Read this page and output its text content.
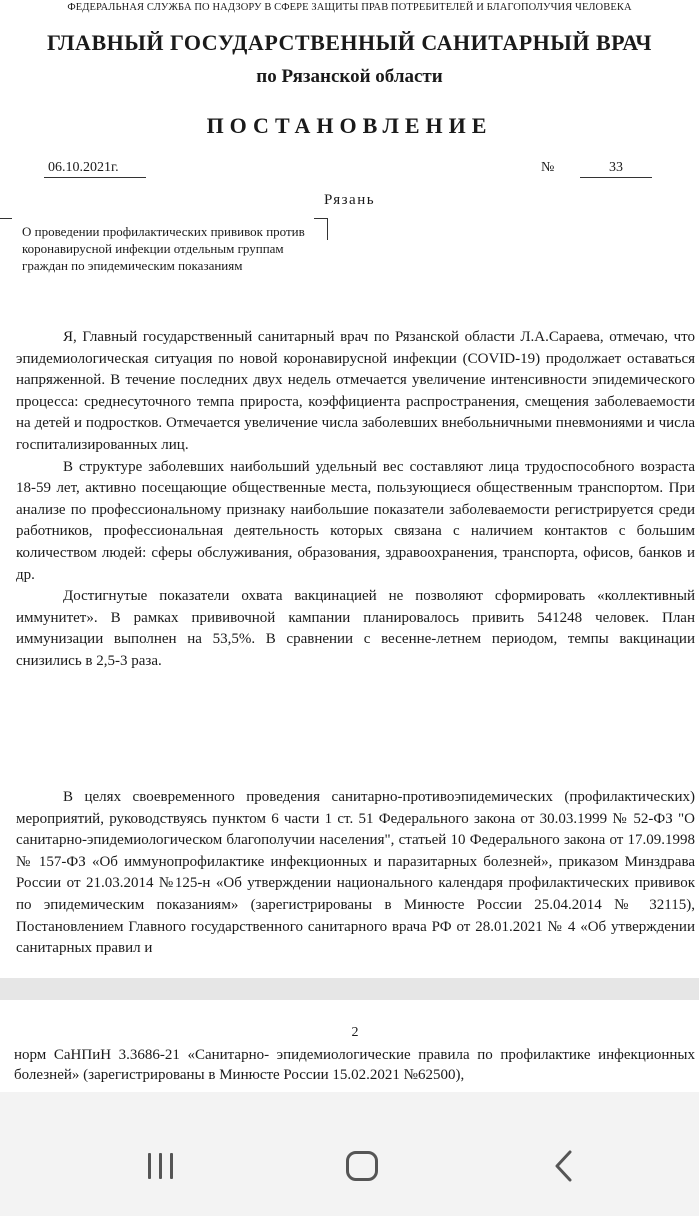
ФЕДЕРАЛЬНАЯ СЛУЖБА ПО НАДЗОРУ В СФЕРЕ ЗАЩИТЫ ПРАВ ПОТРЕБИТЕЛЕЙ И БЛАГОПОЛУЧИЯ ЧЕЛОВЕКА
ГЛАВНЫЙ ГОСУДАРСТВЕННЫЙ САНИТАРНЫЙ ВРАЧ
по Рязанской области
ПОСТАНОВЛЕНИЕ
06.10.2021г.	№	33
Рязань
О проведении профилактических прививок против коронавирусной инфекции отдельным группам граждан по эпидемическим показаниям

Я, Главный государственный санитарный врач по Рязанской области Л.А.Сараева, отмечаю, что эпидемиологическая ситуация по новой коронавирусной инфекции (COVID-19) продолжает оставаться напряженной. В течение последних двух недель отмечается увеличение интенсивности эпидемического процесса: среднесуточного темпа прироста, коэффициента распространения, смещения заболеваемости на детей и подростков. Отмечается увеличение числа заболевших внебольничными пневмониями и числа госпитализированных лиц.

В структуре заболевших наибольший удельный вес составляют лица трудоспособного возраста 18-59 лет, активно посещающие общественные места, пользующиеся общественным транспортом. При анализе по профессиональному признаку наибольшие показатели заболеваемости регистрируется среди работников, профессиональная деятельность которых связана с наличием контактов с большим количеством людей: сферы обслуживания, образования, здравоохранения, транспорта, офисов, банков и др.

Достигнутые показатели охвата вакцинацией не позволяют сформировать «коллективный иммунитет». В рамках прививочной кампании планировалось привить 541248 человек. План иммунизации выполнен на 53,5%. В сравнении с весенне-летнем периодом, темпы вакцинации снизились в 2,5-3 раза.

В целях своевременного проведения санитарно-противоэпидемических (профилактических) мероприятий, руководствуясь пунктом 6 части 1 ст. 51 Федерального закона от 30.03.1999 № 52-ФЗ "О санитарно-эпидемиологическом благополучии населения", статьей 10 Федерального закона от 17.09.1998 № 157-ФЗ «Об иммунопрофилактике инфекционных и паразитарных болезней», приказом Минздрава России от 21.03.2014 №125-н «Об утверждении национального календаря профилактических прививок по эпидемическим показаниям» (зарегистрированы в Минюсте России 25.04.2014 № 32115), Постановлением Главного государственного санитарного врача РФ от 28.01.2021 № 4 «Об утверждении санитарных правил и

2
норм СаНПиН 3.3686-21 «Санитарно- эпидемиологические правила по профилактике инфекционных болезней» (зарегистрированы в Минюсте России 15.02.2021 №62500),
